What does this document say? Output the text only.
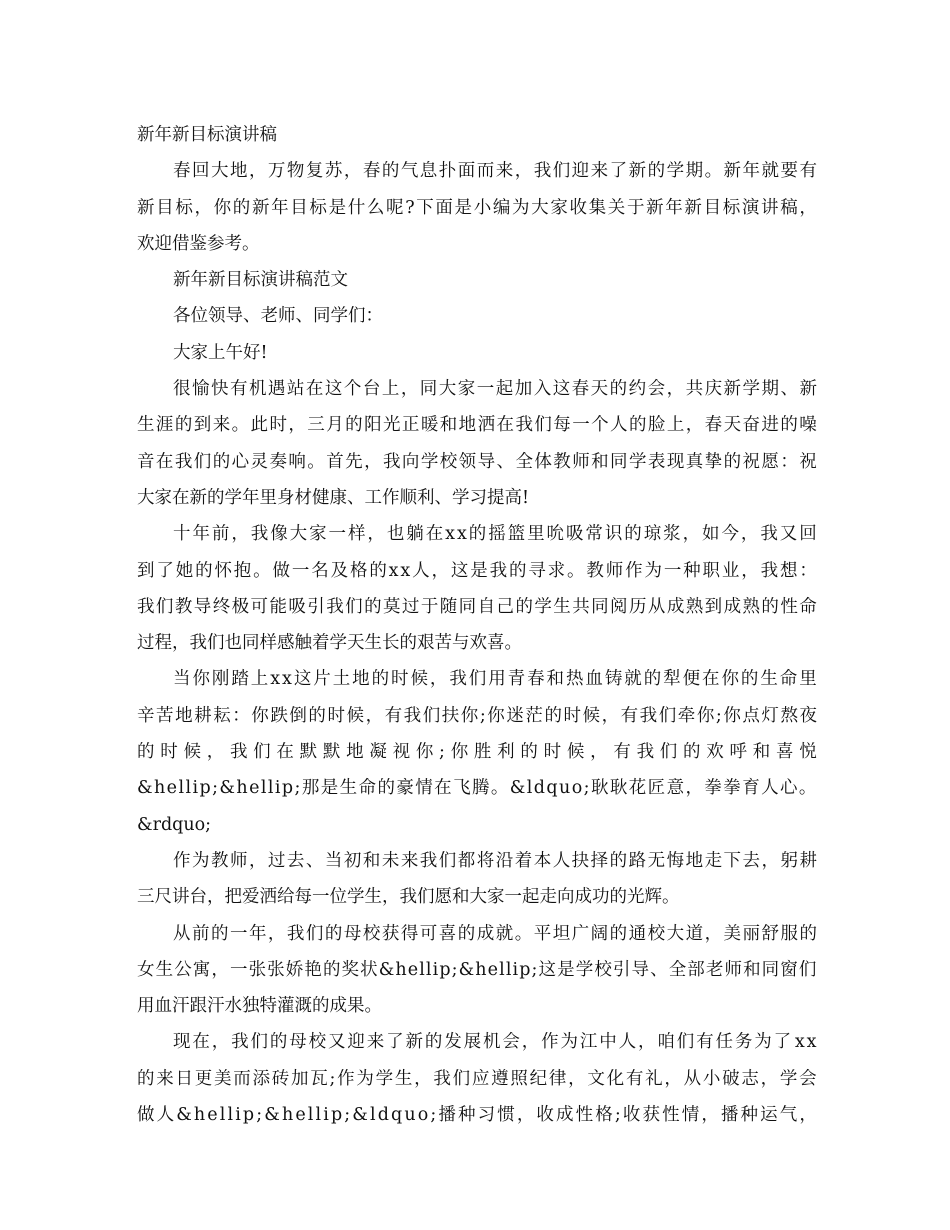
新年新目标演讲稿
春 回 大 地 ， 万 物 复 苏 ， 春 的 气 息 扑 面 而 来 ， 我 们 迎 来 了 新 的 学 期 。 新 年 就 要 有
新 目 标 ， 你 的 新 年 目 标 是 什 么 呢 ? 下 面 是 小 编 为 大 家 收 集 关 于 新 年 新 目 标 演 讲 稿 ，
欢迎借鉴参考。
新年新目标演讲稿范文
各位领导、老师、同学们：
大家上午好!
很 愉 快 有 机 遇 站 在 这 个 台 上 ， 同 大 家 一 起 加 入 这 春 天 的 约 会 ， 共 庆 新 学 期 、 新
生 涯 的 到 来 。 此 时 ， 三 月 的 阳 光 正 暖 和 地 洒 在 我 们 每 一 个 人 的 脸 上 ， 春 天 奋 进 的 噪
音 在 我 们 的 心 灵 奏 响 。 首 先 ， 我 向 学 校 领 导 、 全 体 教 师 和 同 学 表 现 真 挚 的 祝 愿 ： 祝
大家在新的学年里身材健康、工作顺利、学习提高!
十 年 前 ， 我 像 大 家 一 样 ， 也 躺 在 x x 的 摇 篮 里 吮 吸 常 识 的 琼 浆 ， 如 今 ， 我 又 回
到 了 她 的 怀 抱 。 做 一 名 及 格 的 x x 人 ， 这 是 我 的 寻 求 。 教 师 作 为 一 种 职 业 ， 我 想 ：
我 们 教 导 终 极 可 能 吸 引 我 们 的 莫 过 于 随 同 自 己 的 学 生 共 同 阅 历 从 成 熟 到 成 熟 的 性 命
过程，我们也同样感触着学天生长的艰苦与欢喜。
当 你 刚 踏 上 x x 这 片 土 地 的 时 候 ， 我 们 用 青 春 和 热 血 铸 就 的 犁 便 在 你 的 生 命 里
辛 苦 地 耕 耘 ： 你 跌 倒 的 时 候 ， 有 我 们 扶 你 ; 你 迷 茫 的 时 候 ， 有 我 们 牵 你 ; 你 点 灯 熬 夜
的 时 候 ， 我 们 在 默 默 地 凝 视 你 ; 你 胜 利 的 时 候 ， 有 我 们 的 欢 呼 和 喜 悦
& h e l l i p ; & h e l l i p ; 那 是 生 命 的 豪 情 在 飞 腾 。 & l d q u o ; 耿 耿 花 匠 意 ， 拳 拳 育 人 心 。
&rdquo;
作 为 教 师 ， 过 去 、 当 初 和 未 来 我 们 都 将 沿 着 本 人 抉 择 的 路 无 悔 地 走 下 去 ， 躬 耕
三尺讲台，把爱洒给每一位学生，我们愿和大家一起走向成功的光辉。
从 前 的 一 年 ， 我 们 的 母 校 获 得 可 喜 的 成 就 。 平 坦 广 阔 的 通 校 大 道 ， 美 丽 舒 服 的
女 生 公 寓 ， 一 张 张 娇 艳 的 奖 状 & h e l l i p ; & h e l l i p ; 这 是 学 校 引 导 、 全 部 老 师 和 同 窗 们
用血汗跟汗水独特灌溉的成果。
现 在 ， 我 们 的 母 校 又 迎 来 了 新 的 发 展 机 会 ， 作 为 江 中 人 ， 咱 们 有 任 务 为 了 x x
的 来 日 更 美 而 添 砖 加 瓦 ; 作 为 学 生 ， 我 们 应 遵 照 纪 律 ， 文 化 有 礼 ， 从 小 破 志 ， 学 会
做 人 & h e l l i p ; & h e l l i p ; & l d q u o ; 播 种 习 惯 ， 收 成 性 格 ; 收 获 性 情 ， 播 种 运 气 ，
